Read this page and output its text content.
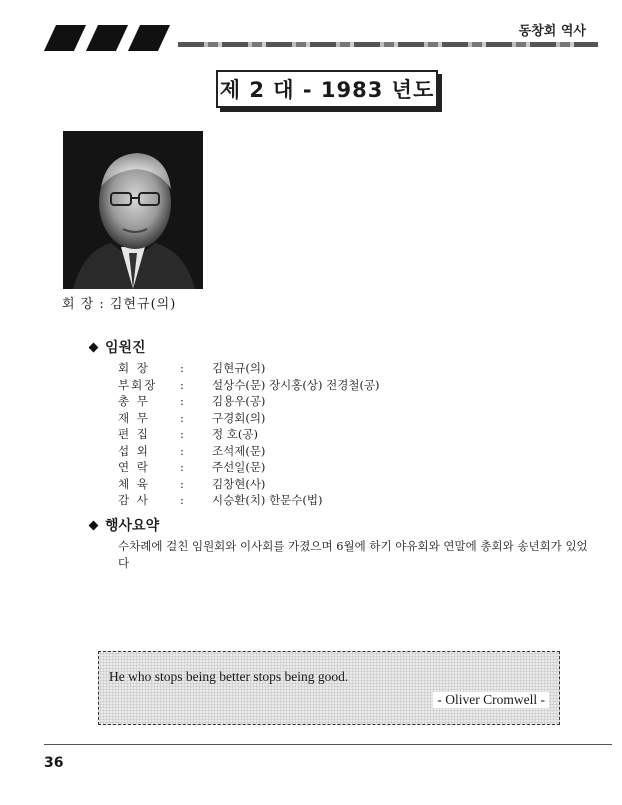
동창회 역사
제 2 대 - 1983 년도
회 장 : 김현규(의)
임원진
회 장	:	김현규(의)
부회장	:	설상수(문) 장시홍(상) 전경철(공)
총 무	:	김용우(공)
재 무	:	구경회(의)
편 집	:	정 호(공)
섭 외	:	조석제(문)
연 락	:	주선일(문)
체 육	:	김창현(사)
감 사	:	시승환(치) 한문수(법)
행사요약
수차례에 걸친 임원회와 이사회를 가졌으며 6월에 하기 야유회와 연말에 총회와 송년회가 있었다
He who stops being better stops being good.
- Oliver Cromwell -
36
